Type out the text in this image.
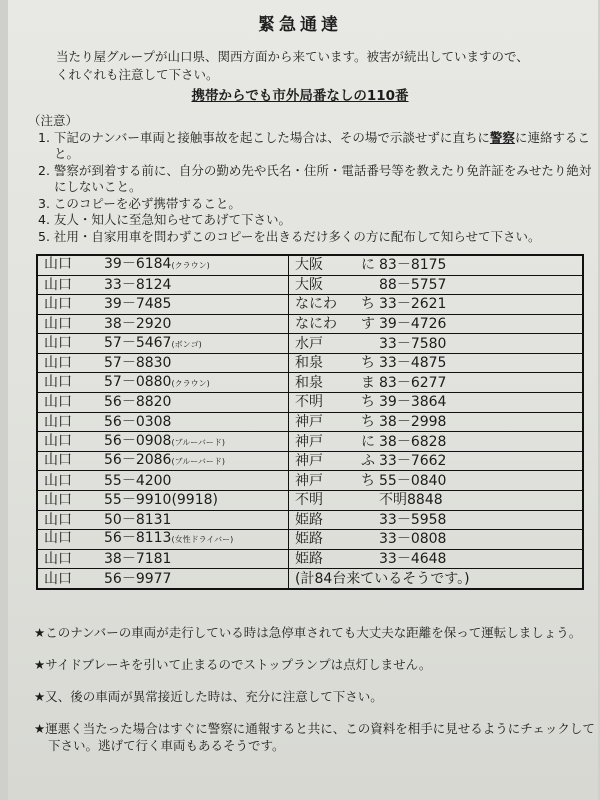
緊急通達
当たり屋グループが山口県、関西方面から来ています。被害が続出していますので、
くれぐれも注意して下さい。
携帯からでも市外局番なしの110番
（注意）
1. 下記のナンバー車両と接触事故を起こした場合は、その場で示談せずに直ちに警察に連絡すること。
2. 警察が到着する前に、自分の勤め先や氏名・住所・電話番号等を教えたり免許証をみせたり絶対にしないこと。
3. このコピーを必ず携帯すること。
4. 友人・知人に至急知らせてあげて下さい。
5. 社用・自家用車を問わずこのコピーを出きるだけ多くの方に配布して知らせて下さい。
山口 39－6184(クラウン)	大阪 に 83－8175
山口 33－8124	大阪 88－5757
山口 39－7485	なにわ ち 33－2621
山口 38－2920	なにわ す 39－4726
山口 57－5467(ボンゴ)	水戸 33－7580
山口 57－8830	和泉 ち 33－4875
山口 57－0880(クラウン)	和泉 ま 83－6277
山口 56－8820	不明 ち 39－3864
山口 56－0308	神戸 ち 38－2998
山口 56－0908(ブルーバード)	神戸 に 38－6828
山口 56－2086(ブルーバード)	神戸 ふ 33－7662
山口 55－4200	神戸 ち 55－0840
山口 55－9910(9918)	不明 不明8848
山口 50－8131	姫路 33－5958
山口 56－8113(女性ドライバー)	姫路 33－0808
山口 38－7181	姫路 33－4648
山口 56－9977	(計84台来ているそうです。)
★このナンバーの車両が走行している時は急停車されても大丈夫な距離を保って運転しましょう。
★サイドブレーキを引いて止まるのでストップランプは点灯しません。
★又、後の車両が異常接近した時は、充分に注意して下さい。
★運悪く当たった場合はすぐに警察に通報すると共に、この資料を相手に見せるようにチェックして下さい。逃げて行く車両もあるそうです。
